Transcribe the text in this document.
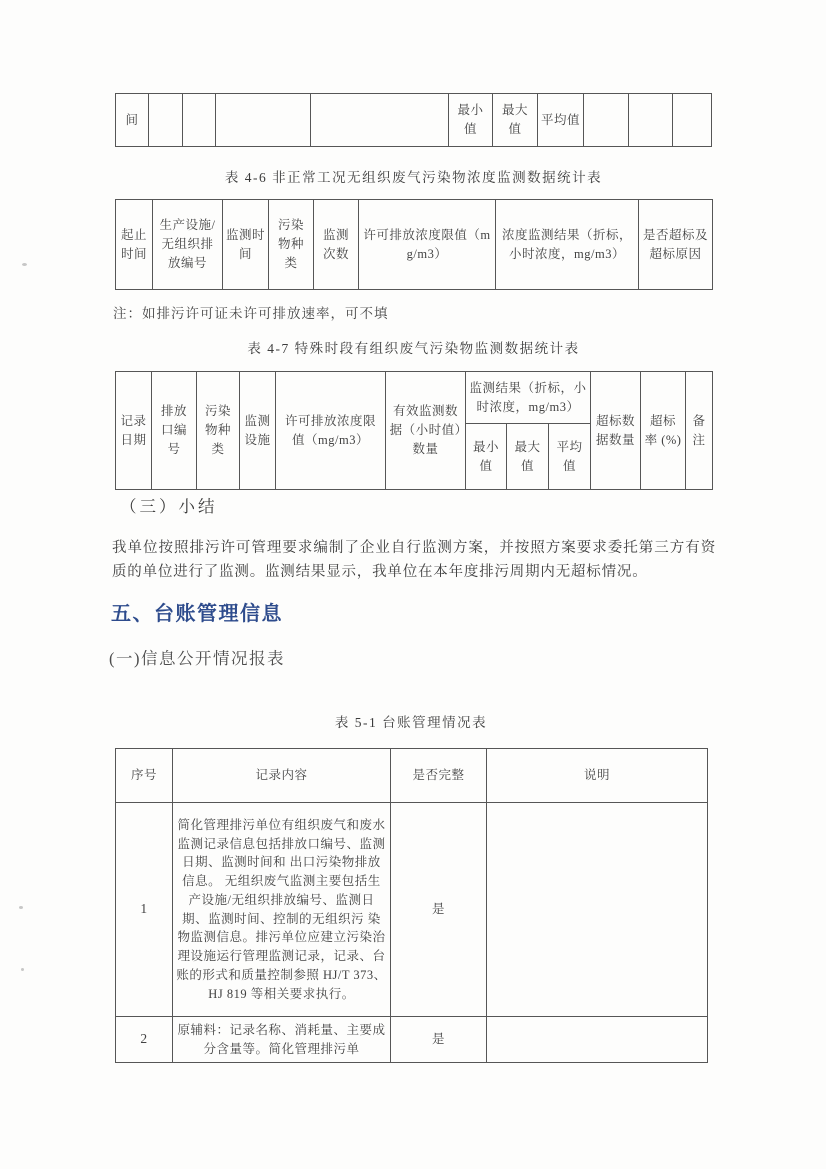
间					最小值	最大值	平均值			
表 4-6 非正常工况无组织废气污染物浓度监测数据统计表
起止时间	生产设施/无组织排放编号	监测时间	污染物种类	监测次数	许可排放浓度限值（mg/m3）	浓度监测结果（折标，小时浓度，mg/m3）	是否超标及超标原因
注：如排污许可证未许可排放速率，可不填
表 4-7 特殊时段有组织废气污染物监测数据统计表
记录日期	排放口编号	污染物种类	监测设施	许可排放浓度限值（mg/m3）	有效监测数据（小时值）数量	监测结果（折标，小时浓度，mg/m3）			超标数据数量	超标率 (%)	备注
						最小值	最大值	平均值			
（三）小结
我单位按照排污许可管理要求编制了企业自行监测方案，并按照方案要求委托第三方有资质的单位进行了监测。监测结果显示，我单位在本年度排污周期内无超标情况。
五、台账管理信息
(一)信息公开情况报表
表 5-1 台账管理情况表
序号	记录内容	是否完整	说明
1	简化管理排污单位有组织废气和废水监测记录信息包括排放口编号、监测日期、监测时间和 出口污染物排放信息。 无组织废气监测主要包括生产设施/无组织排放编号、监测日期、监测时间、控制的无组织污 染物监测信息。排污单位应建立污染治理设施运行管理监测记录，记录、台账的形式和质量控制参照 HJ/T 373、HJ 819 等相关要求执行。	是	
2	原辅料：记录名称、消耗量、主要成分含量等。简化管理排污单	是	
